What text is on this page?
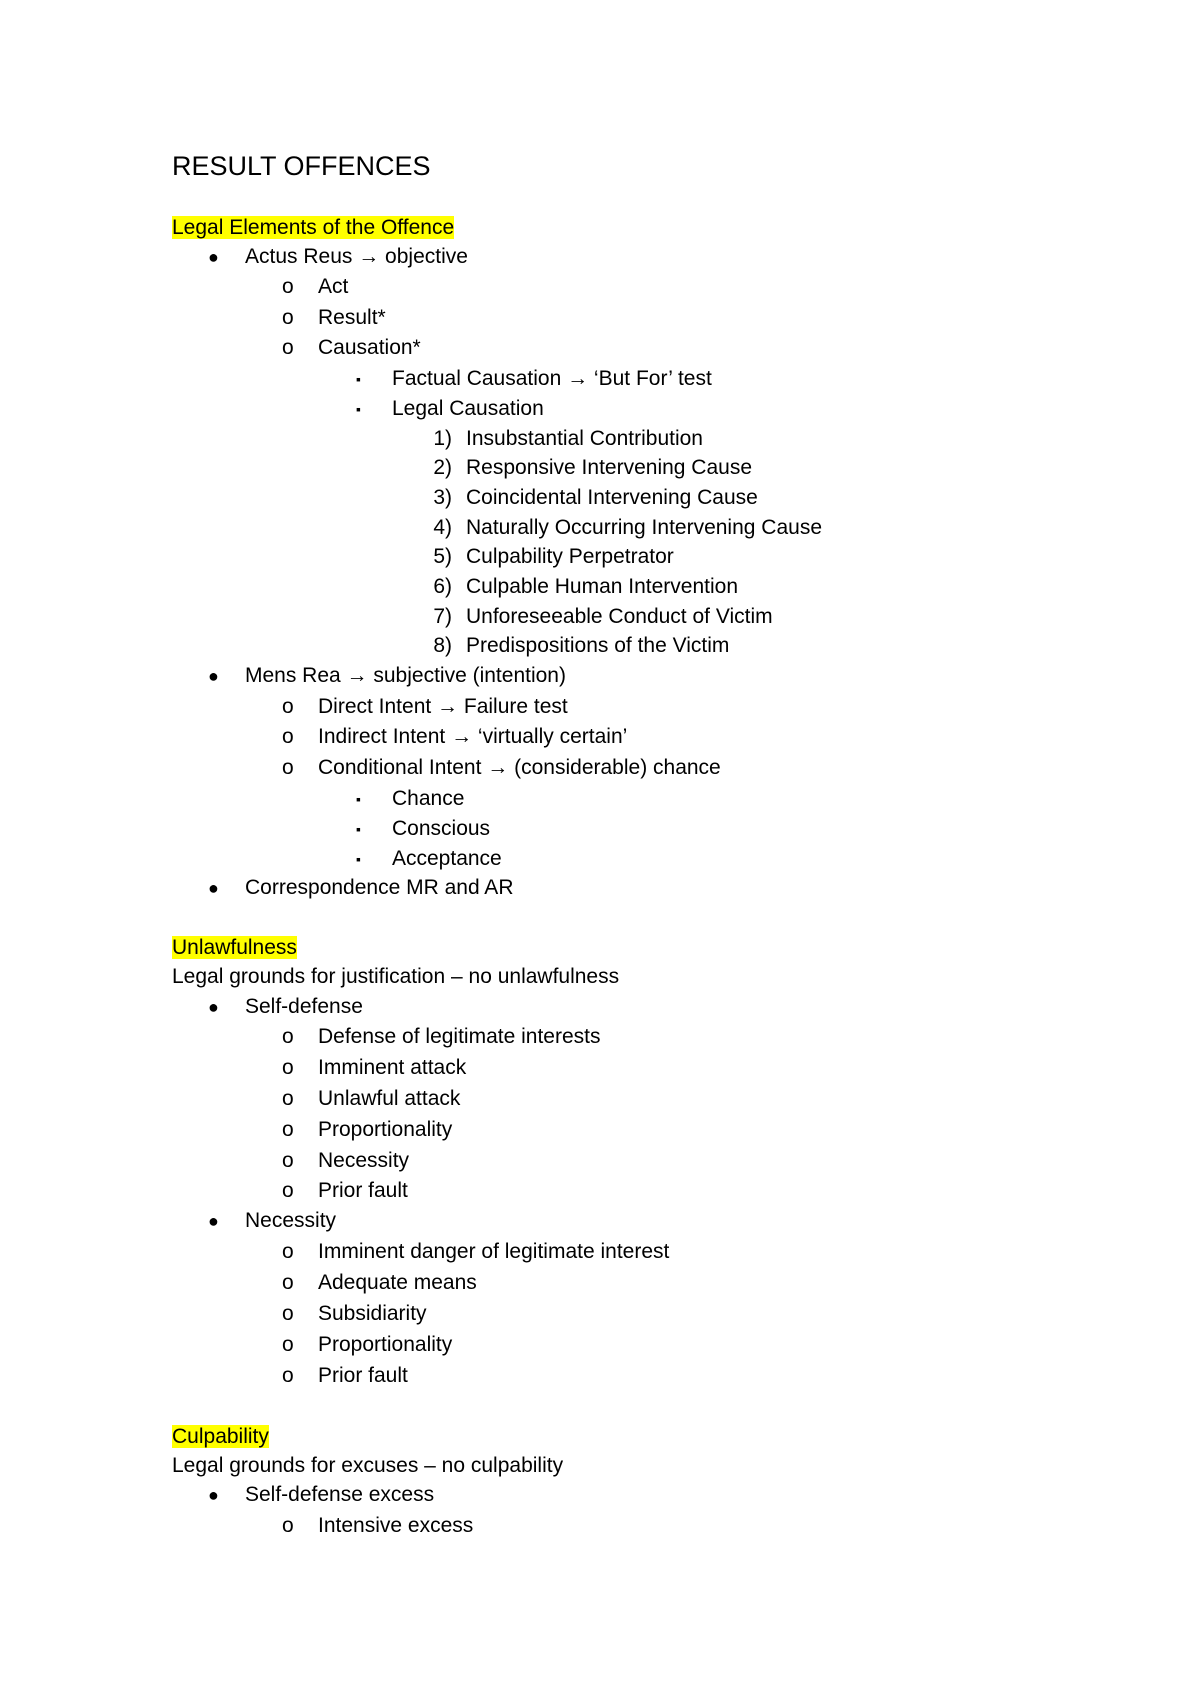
RESULT OFFENCES
Legal Elements of the Offence
● Actus Reus → objective
o Act
o Result*
o Causation*
▪ Factual Causation → ‘But For’ test
▪ Legal Causation
1) Insubstantial Contribution
2) Responsive Intervening Cause
3) Coincidental Intervening Cause
4) Naturally Occurring Intervening Cause
5) Culpability Perpetrator
6) Culpable Human Intervention
7) Unforeseeable Conduct of Victim
8) Predispositions of the Victim
● Mens Rea → subjective (intention)
o Direct Intent → Failure test
o Indirect Intent → ‘virtually certain’
o Conditional Intent → (considerable) chance
▪ Chance
▪ Conscious
▪ Acceptance
● Correspondence MR and AR
Unlawfulness
Legal grounds for justification – no unlawfulness
● Self-defense
o Defense of legitimate interests
o Imminent attack
o Unlawful attack
o Proportionality
o Necessity
o Prior fault
● Necessity
o Imminent danger of legitimate interest
o Adequate means
o Subsidiarity
o Proportionality
o Prior fault
Culpability
Legal grounds for excuses – no culpability
● Self-defense excess
o Intensive excess
